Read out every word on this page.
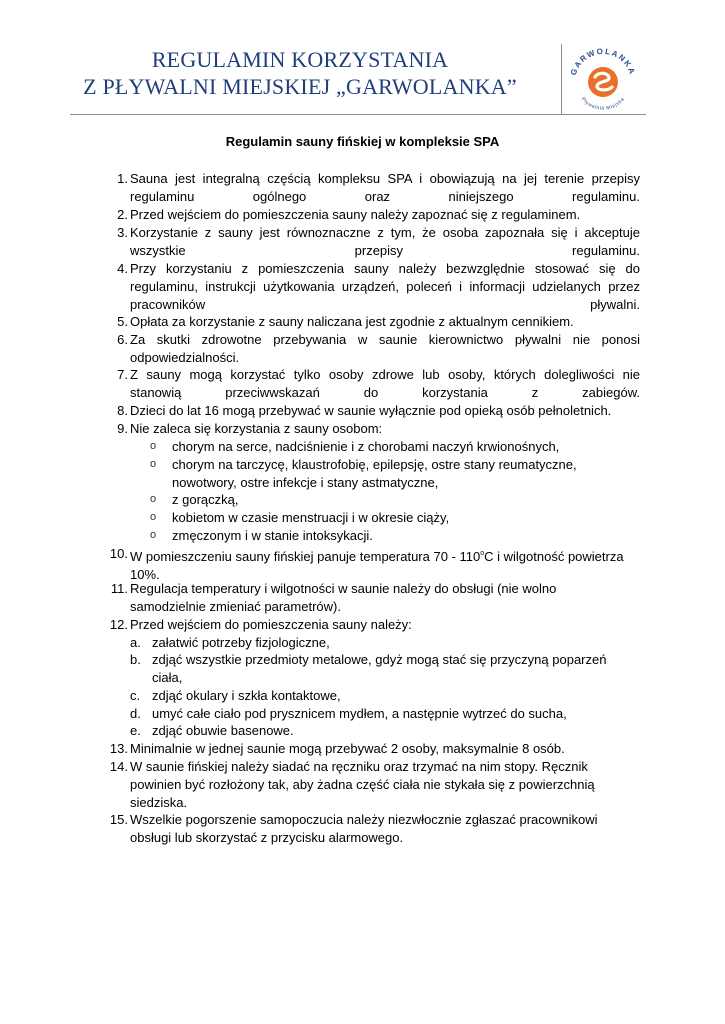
REGULAMIN KORZYSTANIA
Z PŁYWALNI MIEJSKIEJ „GARWOLANKA”
GARWOLANKA
Pływalnia Miejska
Regulamin sauny fińskiej w kompleksie SPA
1. Sauna jest integralną częścią kompleksu SPA i obowiązują na jej terenie przepisy
regulaminu ogólnego oraz niniejszego regulaminu.
2. Przed wejściem do pomieszczenia sauny należy zapoznać się z regulaminem.
3. Korzystanie z sauny jest równoznaczne z tym, że osoba zapoznała się i akceptuje
wszystkie przepisy regulaminu.
4. Przy korzystaniu z pomieszczenia sauny należy bezwzględnie stosować się do
regulaminu, instrukcji użytkowania urządzeń, poleceń i informacji udzielanych przez
pracowników pływalni.
5. Opłata za korzystanie z sauny naliczana jest zgodnie z aktualnym cennikiem.
6. Za skutki zdrowotne przebywania w saunie kierownictwo pływalni nie ponosi
odpowiedzialności.
7. Z sauny mogą korzystać tylko osoby zdrowe lub osoby, których dolegliwości nie
stanowią przeciwwskazań do korzystania z zabiegów.
8. Dzieci do lat 16 mogą przebywać w saunie wyłącznie pod opieką osób pełnoletnich.
9. Nie zaleca się korzystania z sauny osobom:
o chorym na serce, nadciśnienie i z chorobami naczyń krwionośnych,
o chorym na tarczycę, klaustrofobię, epilepsję, ostre stany reumatyczne,
nowotwory, ostre infekcje i stany astmatyczne,
o z gorączką,
o kobietom w czasie menstruacji i w okresie ciąży,
o zmęczonym i w stanie intoksykacji.
10. W pomieszczeniu sauny fińskiej panuje temperatura 70 - 110$^o$C i wilgotność powietrza
10%.
11. Regulacja temperatury i wilgotności w saunie należy do obsługi (nie wolno
samodzielnie zmieniać parametrów).
12. Przed wejściem do pomieszczenia sauny należy:
a. załatwić potrzeby fizjologiczne,
b. zdjąć wszystkie przedmioty metalowe, gdyż mogą stać się przyczyną poparzeń
ciała,
c. zdjąć okulary i szkła kontaktowe,
d. umyć całe ciało pod prysznicem mydłem, a następnie wytrzeć do sucha,
e. zdjąć obuwie basenowe.
13. Minimalnie w jednej saunie mogą przebywać 2 osoby, maksymalnie 8 osób.
14. W saunie fińskiej należy siadać na ręczniku oraz trzymać na nim stopy. Ręcznik
powinien być rozłożony tak, aby żadna część ciała nie stykała się z powierzchnią
siedziska.
15. Wszelkie pogorszenie samopoczucia należy niezwłocznie zgłaszać pracownikowi
obsługi lub skorzystać z przycisku alarmowego.
